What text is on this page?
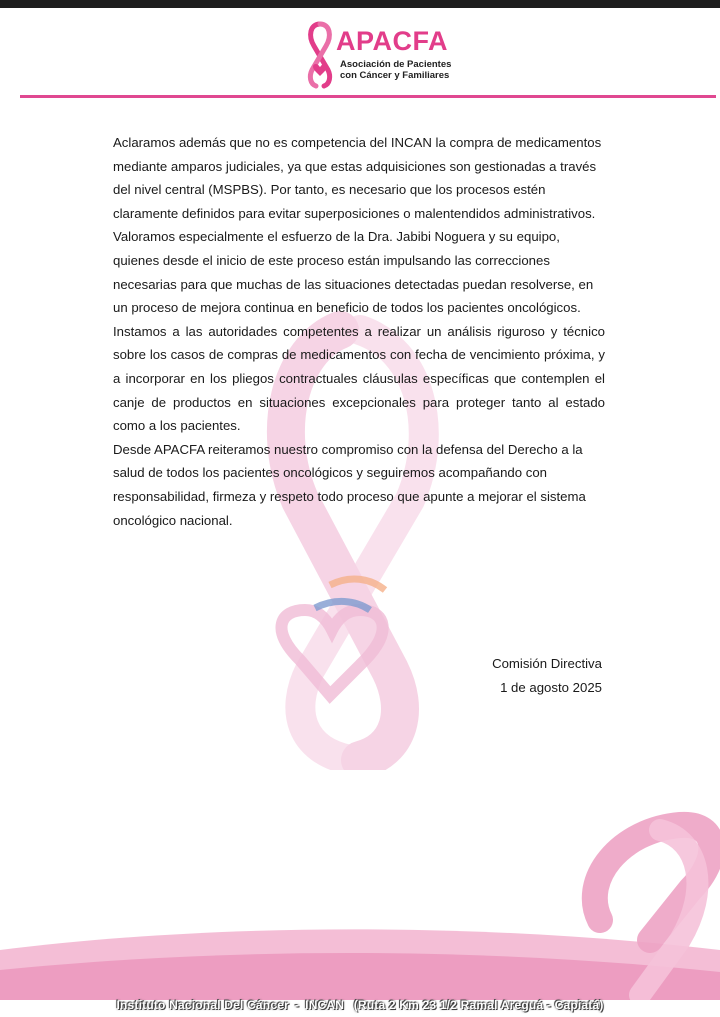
APACFA
Asociación de Pacientes
con Cáncer y Familiares

Aclaramos además que no es competencia del INCAN la compra de medicamentos mediante amparos judiciales, ya que estas adquisiciones son gestionadas a través del nivel central (MSPBS). Por tanto, es necesario que los procesos estén claramente definidos para evitar superposiciones o malentendidos administrativos.

Valoramos especialmente el esfuerzo de la Dra. Jabibi Noguera y su equipo, quienes desde el inicio de este proceso están impulsando las correcciones necesarias para que muchas de las situaciones detectadas puedan resolverse, en un proceso de mejora continua en beneficio de todos los pacientes oncológicos.

Instamos a las autoridades competentes a realizar un análisis riguroso y técnico sobre los casos de compras de medicamentos con fecha de vencimiento próxima, y a incorporar en los pliegos contractuales cláusulas específicas que contemplen el canje de productos en situaciones excepcionales para proteger tanto al estado como a los pacientes.

Desde APACFA reiteramos nuestro compromiso con la defensa del Derecho a la salud de todos los pacientes oncológicos y seguiremos acompañando con responsabilidad, firmeza y respeto todo proceso que apunte a mejorar el sistema oncológico nacional.

Comisión Directiva
1 de agosto 2025
Instituto Nacional Del Cáncer - INCAN (Ruta 2 Km 23 1/2 Ramal Areguá - Capiatá)
